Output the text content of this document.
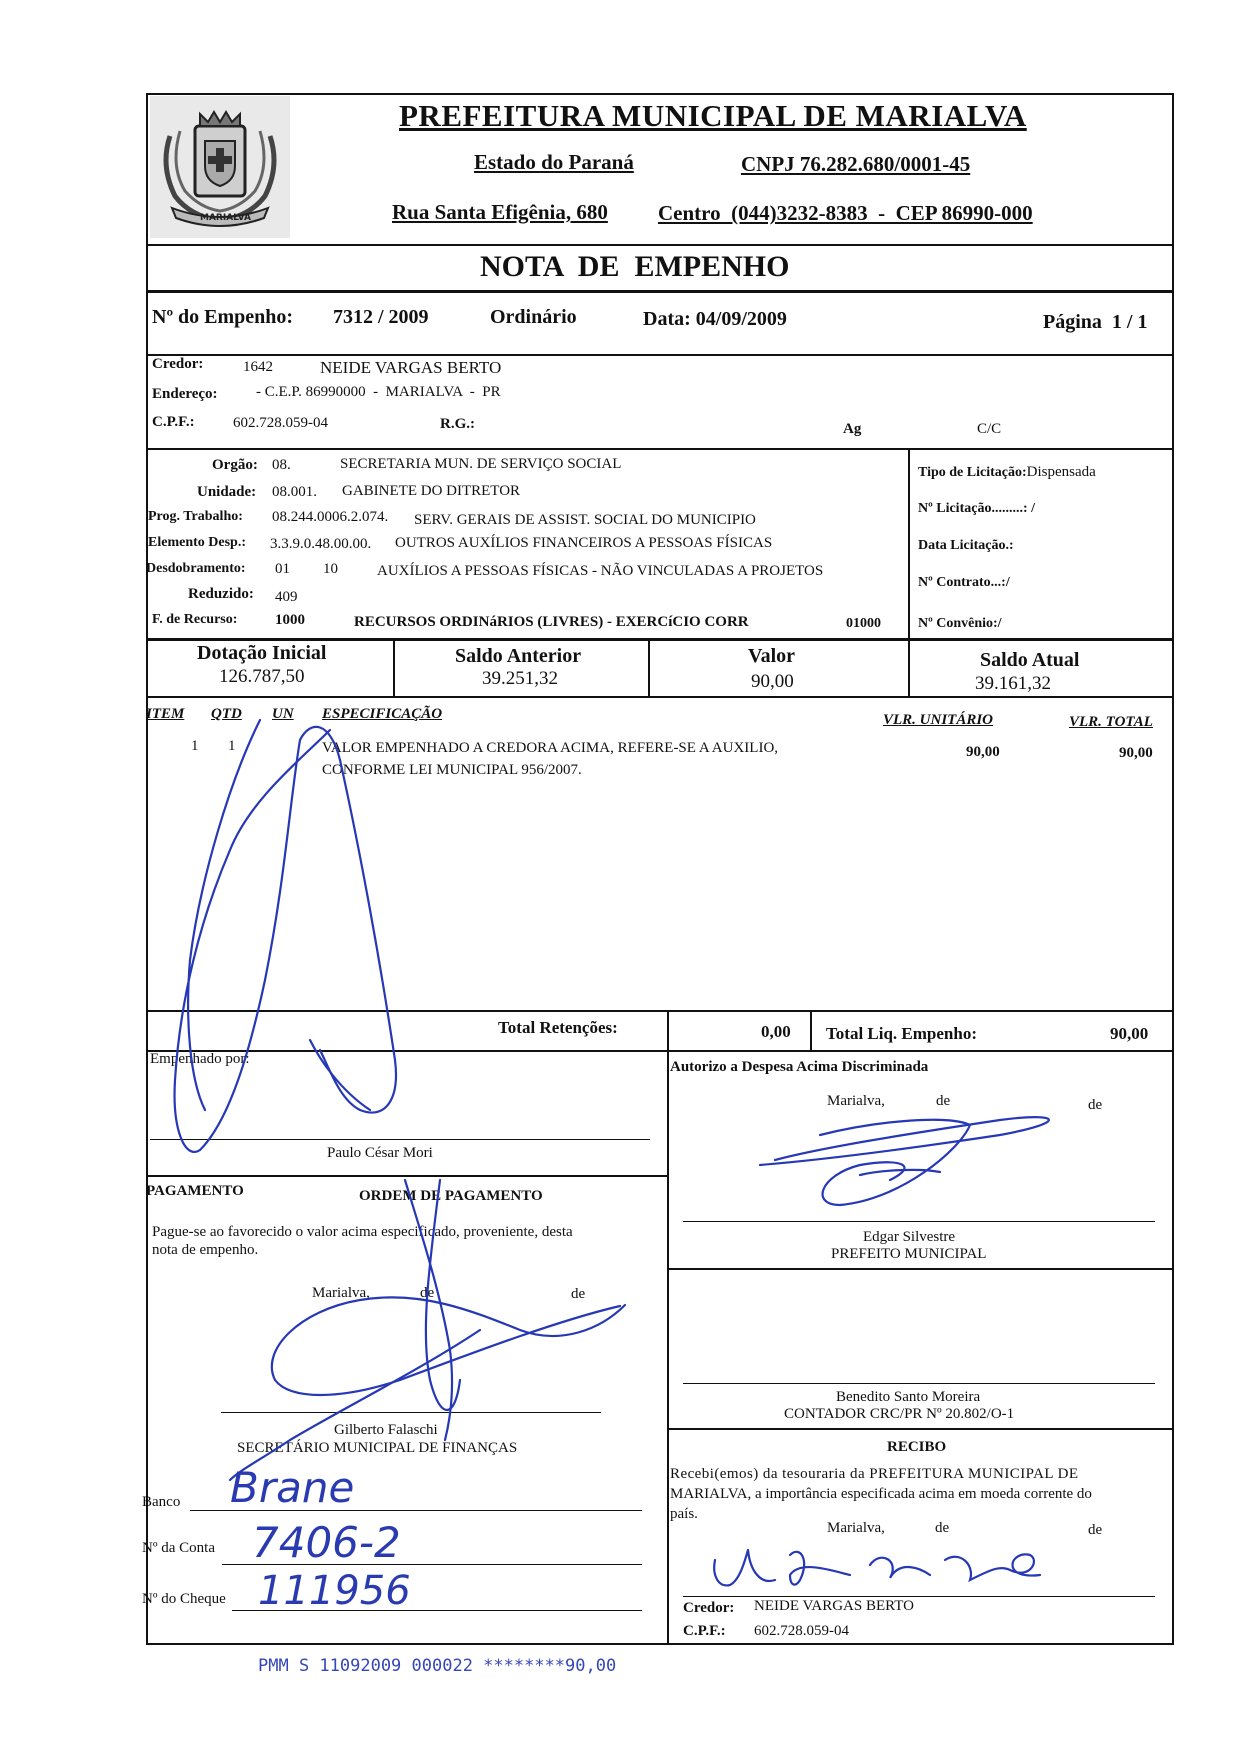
MARIALVA
PREFEITURA MUNICIPAL DE MARIALVA
Estado do Paraná	CNPJ 76.282.680/0001-45
Rua Santa Efigênia, 680 Centro  (044)3232-8383  -  CEP 86990-000
NOTA  DE  EMPENHO
Nº do Empenho: 7312 / 2009	Ordinário	Data: 04/09/2009	Página  1 / 1
Credor:	1642	NEIDE VARGAS BERTO
Endereço:	- C.E.P. 86990000  -  MARIALVA  -  PR
C.P.F.:	602.728.059-04	R.G.:	Ag	C/C
Orgão: 08.	SECRETARIA MUN. DE SERVIÇO SOCIAL
Unidade: 08.001. GABINETE DO DITRETOR
Prog. Trabalho: 08.244.0006.2.074. SERV. GERAIS DE ASSIST. SOCIAL DO MUNICIPIO
Elemento Desp.: 3.3.9.0.48.00.00. OUTROS AUXÍLIOS FINANCEIROS A PESSOAS FÍSICAS
Desdobramento: 01 10	AUXÍLIOS A PESSOAS FÍSICAS - NÃO VINCULADAS A PROJETOS
Reduzido: 409
F. de Recurso:	1000	RECURSOS ORDINáRIOS (LIVRES) - EXERCíCIO CORR	01000
Tipo de Licitação:Dispensada
Nº Licitação.........: /
Data Licitação.:
Nº Contrato...:/
Nº Convênio:/
Dotação Inicial
126.787,50
Saldo Anterior
39.251,32
Valor
90,00
Saldo Atual
39.161,32
ITEM QTD UN ESPECIFICAÇÃO	VLR. UNITÁRIO	VLR. TOTAL
1 1	VALOR EMPENHADO A CREDORA ACIMA, REFERE-SE A AUXILIO,
CONFORME LEI MUNICIPAL 956/2007.
90,00	90,00
Total Retenções:	0,00 Total Liq. Empenho:	90,00
Empenhado por:
Paulo César Mori
Autorizo a Despesa Acima Discriminada
Marialva,	de	de
Edgar Silvestre
PREFEITO MUNICIPAL
PAGAMENTO	ORDEM DE PAGAMENTO
Pague-se ao favorecido o valor acima especificado, proveniente, desta
nota de empenho.
Marialva,	de	de
Gilberto Falaschi
SECRETÁRIO MUNICIPAL DE FINANÇAS
Benedito Santo Moreira
CONTADOR CRC/PR Nº 20.802/O-1
RECIBO
Recebi(emos) da tesouraria da PREFEITURA MUNICIPAL DE
MARIALVA, a importância especificada acima em moeda corrente do
país.
Marialva,	de	de
Credor: NEIDE VARGAS BERTO
C.P.F.: 602.728.059-04
Banco Brane
Nº da Conta 7406-2
Nº do Cheque 111956
PMM S 11092009 000022 ********90,00
